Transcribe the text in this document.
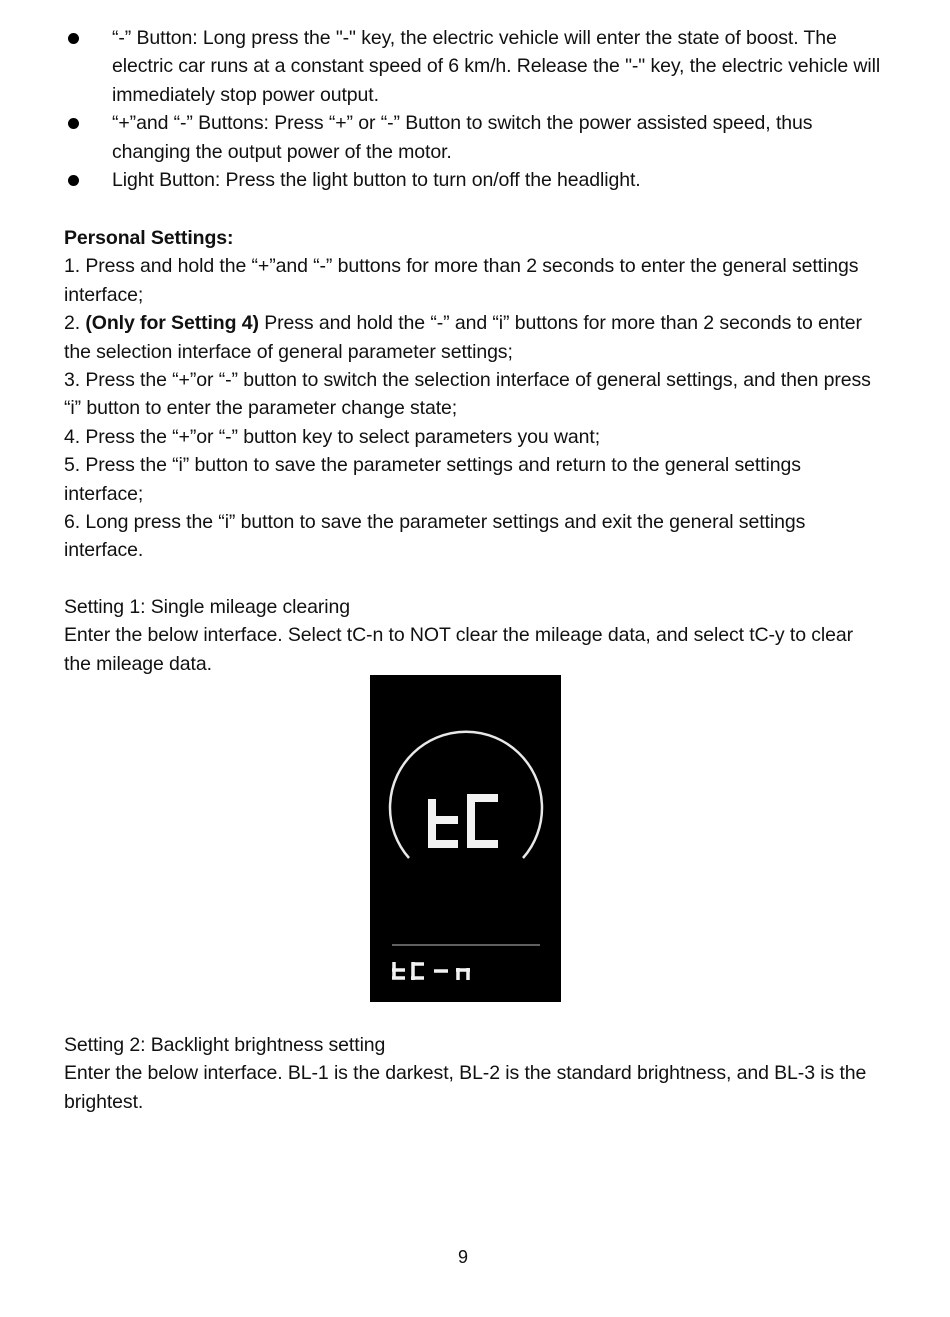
“-” Button: Long press the "-" key, the electric vehicle will enter the state of boost. The electric car runs at a constant speed of 6 km/h. Release the "-" key, the electric vehicle will immediately stop power output.

“+”and “-” Buttons: Press “+” or “-” Button to switch the power assisted speed, thus changing the output power of the motor.

Light Button: Press the light button to turn on/off the headlight.

Personal Settings:

1. Press and hold the “+”and “-” buttons for more than 2 seconds to enter the general settings interface;

2. (Only for Setting 4) Press and hold the “-” and “i” buttons for more than 2 seconds to enter the selection interface of general parameter settings;

3. Press the “+”or “-” button to switch the selection interface of general settings, and then press “i” button to enter the parameter change state;

4. Press the “+”or “-” button key to select parameters you want;

5. Press the “i” button to save the parameter settings and return to the general settings interface;

6. Long press the “i” button to save the parameter settings and exit the general settings interface.

Setting 1: Single mileage clearing

Enter the below interface. Select tC-n to NOT clear the mileage data, and select tC-y to clear the mileage data.

Setting 2: Backlight brightness setting

Enter the below interface. BL-1 is the darkest, BL-2 is the standard brightness, and BL-3 is the brightest.

9
